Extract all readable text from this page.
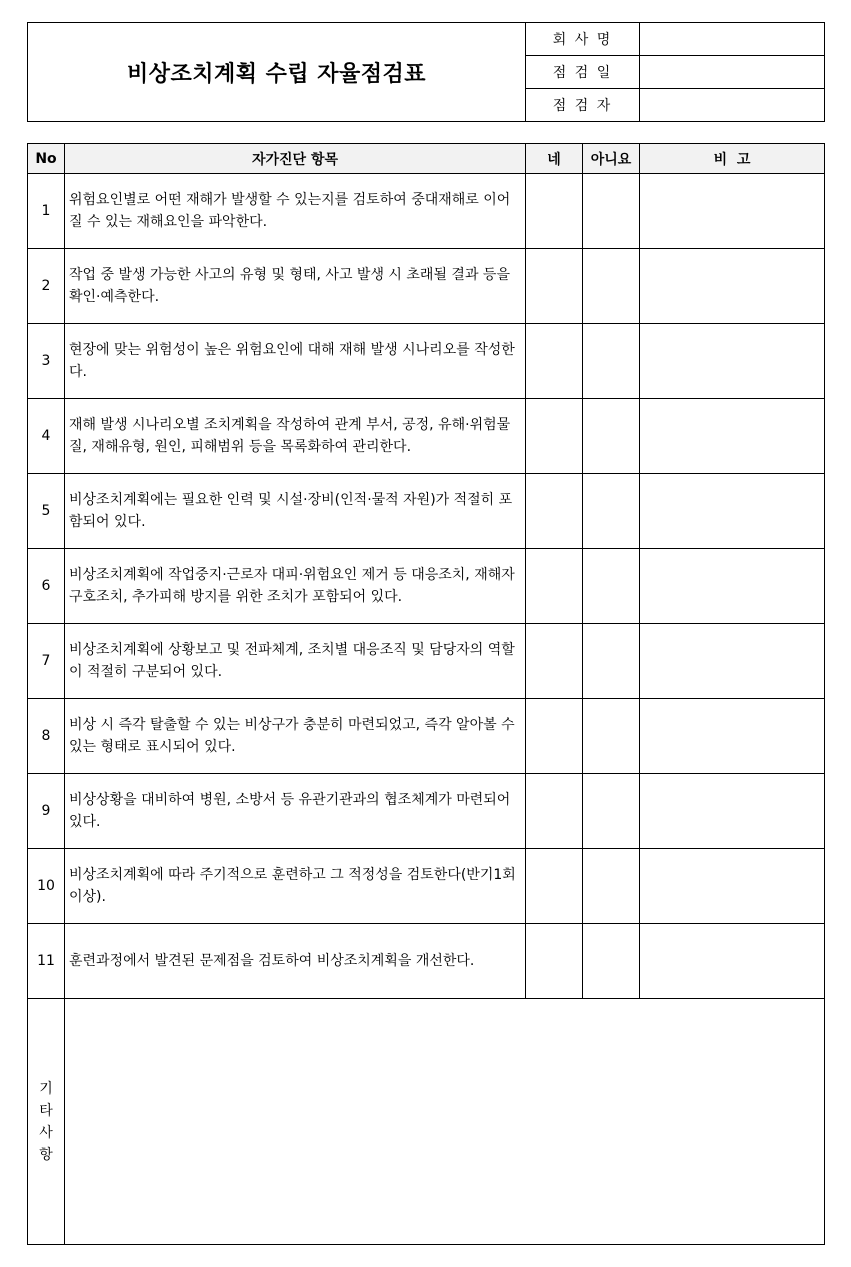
비상조치계획 수립 자율점검표	회 사 명	
	점 검 일	
	점 검 자	
No	자가진단 항목	네	아니요	비  고
1	위험요인별로 어떤 재해가 발생할 수 있는지를 검토하여 중대재해로 이어질 수 있는 재해요인을 파악한다.			
2	작업 중 발생 가능한 사고의 유형 및 형태, 사고 발생 시 초래될 결과 등을 확인·예측한다.			
3	현장에 맞는 위험성이 높은 위험요인에 대해 재해 발생 시나리오를 작성한다.			
4	재해 발생 시나리오별 조치계획을 작성하여 관계 부서, 공정, 유해·위험물질, 재해유형, 원인, 피해범위 등을 목록화하여 관리한다.			
5	비상조치계획에는 필요한 인력 및 시설·장비(인적·물적 자원)가 적절히 포함되어 있다.			
6	비상조치계획에 작업중지·근로자 대피·위험요인 제거 등 대응조치, 재해자 구호조치, 추가피해 방지를 위한 조치가 포함되어 있다.			
7	비상조치계획에 상황보고 및 전파체계, 조치별 대응조직 및 담당자의 역할이 적절히 구분되어 있다.			
8	비상 시 즉각 탈출할 수 있는 비상구가 충분히 마련되었고, 즉각 알아볼 수 있는 형태로 표시되어 있다.			
9	비상상황을 대비하여 병원, 소방서 등 유관기관과의 협조체계가 마련되어 있다.			
10	비상조치계획에 따라 주기적으로 훈련하고 그 적정성을 검토한다(반기1회 이상).			
11	훈련과정에서 발견된 문제점을 검토하여 비상조치계획을 개선한다.			

기
타
사
항				
